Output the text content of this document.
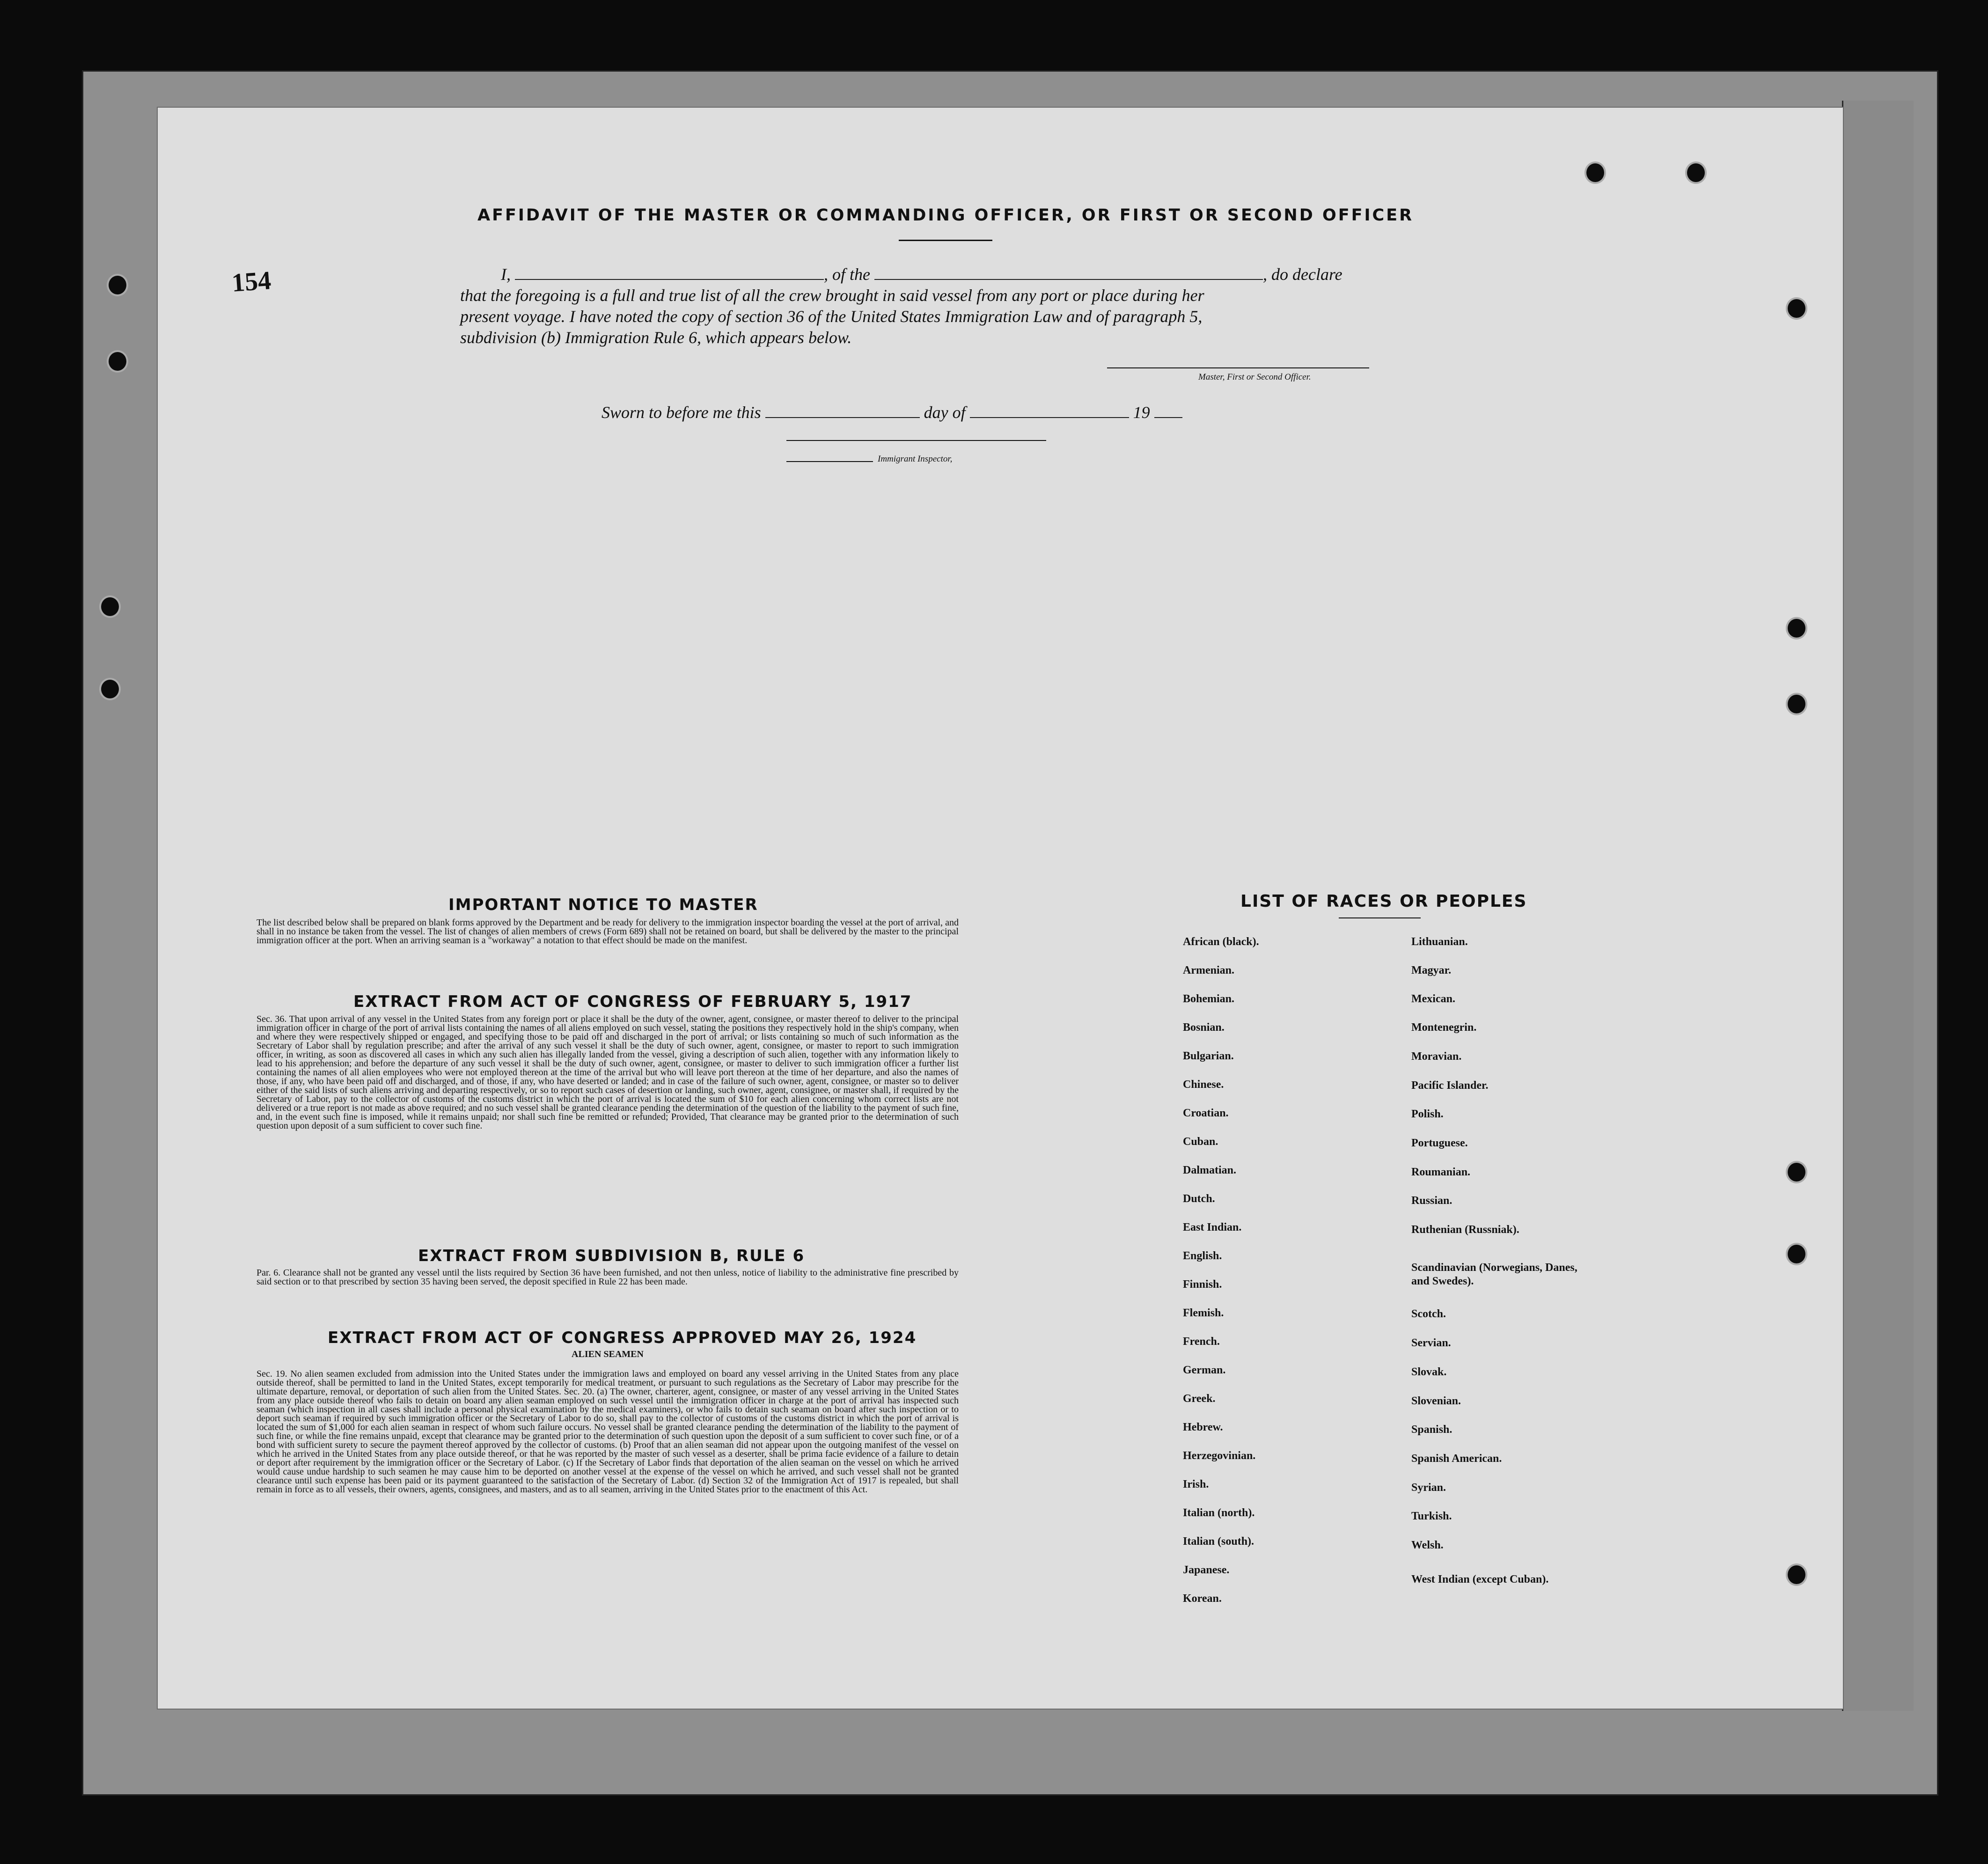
AFFIDAVIT OF THE MASTER OR COMMANDING OFFICER, OR FIRST OR SECOND OFFICER
154	I,	, of the	, do declare
that the foregoing is a full and true list of all the crew brought in said vessel from any port or place during her
present voyage. I have noted the copy of section 36 of the United States Immigration Law and of paragraph 5,
subdivision (b) Immigration Rule 6, which appears below.
Master, First or Second Officer.
Sworn to before me this	day of	19
Immigrant Inspector,
IMPORTANT NOTICE TO MASTER
The list described below shall be prepared on blank forms approved by the Department and be ready for delivery to the immigration inspector boarding the vessel at the port of arrival, and shall in no instance be taken from the vessel. The list of changes of alien members of crews (Form 689) shall not be retained on board, but shall be delivered by the master to the principal immigration officer at the port. When an arriving seaman is a "workaway" a notation to that effect should be made on the manifest.
EXTRACT FROM ACT OF CONGRESS OF FEBRUARY 5, 1917
Sec. 36. That upon arrival of any vessel in the United States from any foreign port or place it shall be the duty of the owner, agent, consignee, or master thereof to deliver to the principal immigration officer in charge of the port of arrival lists containing the names of all aliens employed on such vessel, stating the positions they respectively hold in the ship's company, when and where they were respectively shipped or engaged, and specifying those to be paid off and discharged in the port of arrival; or lists containing so much of such information as the Secretary of Labor shall by regulation prescribe; and after the arrival of any such vessel it shall be the duty of such owner, agent, consignee, or master to report to such immigration officer, in writing, as soon as discovered all cases in which any such alien has illegally landed from the vessel, giving a description of such alien, together with any information likely to lead to his apprehension; and before the departure of any such vessel it shall be the duty of such owner, agent, consignee, or master to deliver to such immigration officer a further list containing the names of all alien employees who were not employed thereon at the time of the arrival but who will leave port thereon at the time of her departure, and also the names of those, if any, who have been paid off and discharged, and of those, if any, who have deserted or landed; and in case of the failure of such owner, agent, consignee, or master so to deliver either of the said lists of such aliens arriving and departing respectively, or so to report such cases of desertion or landing, such owner, agent, consignee, or master shall, if required by the Secretary of Labor, pay to the collector of customs of the customs district in which the port of arrival is located the sum of $10 for each alien concerning whom correct lists are not delivered or a true report is not made as above required; and no such vessel shall be granted clearance pending the determination of the question of the liability to the payment of such fine, and, in the event such fine is imposed, while it remains unpaid; nor shall such fine be remitted or refunded; Provided, That clearance may be granted prior to the determination of such question upon deposit of a sum sufficient to cover such fine.
EXTRACT FROM SUBDIVISION B, RULE 6
Par. 6. Clearance shall not be granted any vessel until the lists required by Section 36 have been furnished, and not then unless, notice of liability to the administrative fine prescribed by said section or to that prescribed by section 35 having been served, the deposit specified in Rule 22 has been made.
EXTRACT FROM ACT OF CONGRESS APPROVED MAY 26, 1924
ALIEN SEAMEN
Sec. 19. No alien seamen excluded from admission into the United States under the immigration laws and employed on board any vessel arriving in the United States from any place outside thereof, shall be permitted to land in the United States, except temporarily for medical treatment, or pursuant to such regulations as the Secretary of Labor may prescribe for the ultimate departure, removal, or deportation of such alien from the United States. Sec. 20. (a) The owner, charterer, agent, consignee, or master of any vessel arriving in the United States from any place outside thereof who fails to detain on board any alien seaman employed on such vessel until the immigration officer in charge at the port of arrival has inspected such seaman (which inspection in all cases shall include a personal physical examination by the medical examiners), or who fails to detain such seaman on board after such inspection or to deport such seaman if required by such immigration officer or the Secretary of Labor to do so, shall pay to the collector of customs of the customs district in which the port of arrival is located the sum of $1,000 for each alien seaman in respect of whom such failure occurs. No vessel shall be granted clearance pending the determination of the liability to the payment of such fine, or while the fine remains unpaid, except that clearance may be granted prior to the determination of such question upon the deposit of a sum sufficient to cover such fine, or of a bond with sufficient surety to secure the payment thereof approved by the collector of customs. (b) Proof that an alien seaman did not appear upon the outgoing manifest of the vessel on which he arrived in the United States from any place outside thereof, or that he was reported by the master of such vessel as a deserter, shall be prima facie evidence of a failure to detain or deport after requirement by the immigration officer or the Secretary of Labor. (c) If the Secretary of Labor finds that deportation of the alien seaman on the vessel on which he arrived would cause undue hardship to such seamen he may cause him to be deported on another vessel at the expense of the vessel on which he arrived, and such vessel shall not be granted clearance until such expense has been paid or its payment guaranteed to the satisfaction of the Secretary of Labor. (d) Section 32 of the Immigration Act of 1917 is repealed, but shall remain in force as to all vessels, their owners, agents, consignees, and masters, and as to all seamen, arriving in the United States prior to the enactment of this Act.
LIST OF RACES OR PEOPLES
African (black).
Armenian.
Bohemian.
Bosnian.
Bulgarian.
Chinese.
Croatian.
Cuban.
Dalmatian.
Dutch.
East Indian.
English.
Finnish.
Flemish.
French.
German.
Greek.
Hebrew.
Herzegovinian.
Irish.
Italian (north).
Italian (south).
Japanese.
Korean.
Lithuanian.
Magyar.
Mexican.
Montenegrin.
Moravian.
Pacific Islander.
Polish.
Portuguese.
Roumanian.
Russian.
Ruthenian (Russniak).
Scandinavian (Norwegians, Danes, and Swedes).
Scotch.
Servian.
Slovak.
Slovenian.
Spanish.
Spanish American.
Syrian.
Turkish.
Welsh.
West Indian (except Cuban).
